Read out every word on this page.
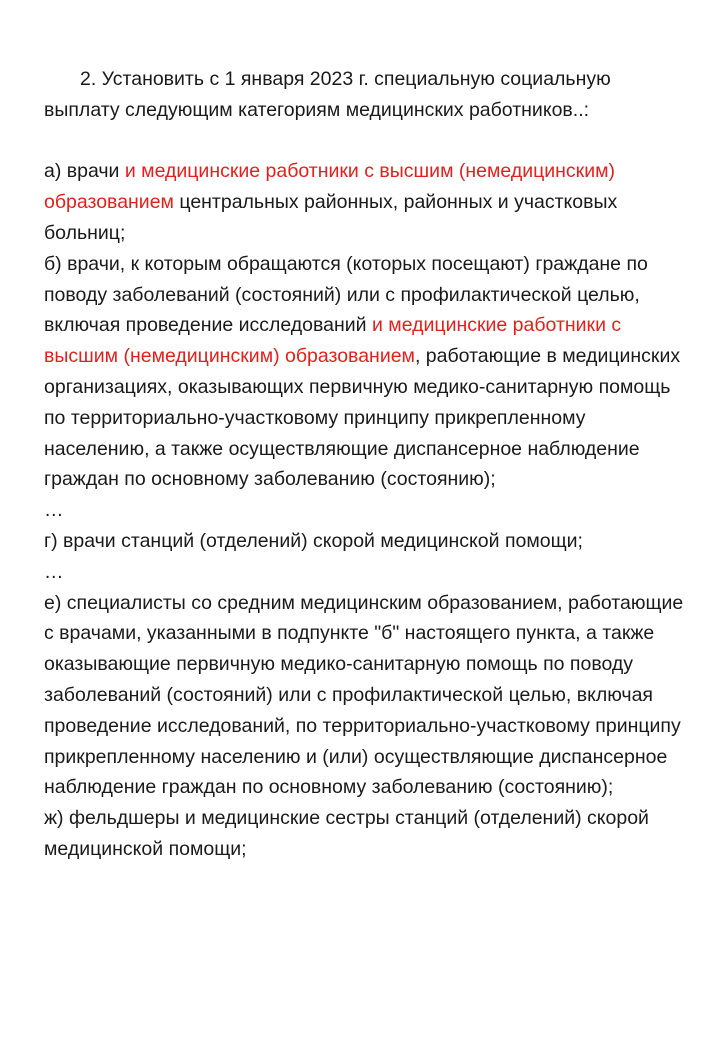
2. Установить с 1 января 2023 г. специальную социальную выплату следующим категориям медицинских работников..:

а) врачи и медицинские работники с высшим (немедицинским) образованием центральных районных, районных и участковых больниц;

б) врачи, к которым обращаются (которых посещают) граждане по поводу заболеваний (состояний) или с профилактической целью, включая проведение исследований и медицинские работники с высшим (немедицинским) образованием, работающие в медицинских организациях, оказывающих первичную медико-санитарную помощь по территориально-участковому принципу прикрепленному населению, а также осуществляющие диспансерное наблюдение граждан по основному заболеванию (состоянию);

…

г) врачи станций (отделений) скорой медицинской помощи;

…

е) специалисты со средним медицинским образованием, работающие с врачами, указанными в подпункте "б" настоящего пункта, а также оказывающие первичную медико-санитарную помощь по поводу заболеваний (состояний) или с профилактической целью, включая проведение исследований, по территориально-участковому принципу прикрепленному населению и (или) осуществляющие диспансерное наблюдение граждан по основному заболеванию (состоянию);

ж) фельдшеры и медицинские сестры станций (отделений) скорой медицинской помощи;
